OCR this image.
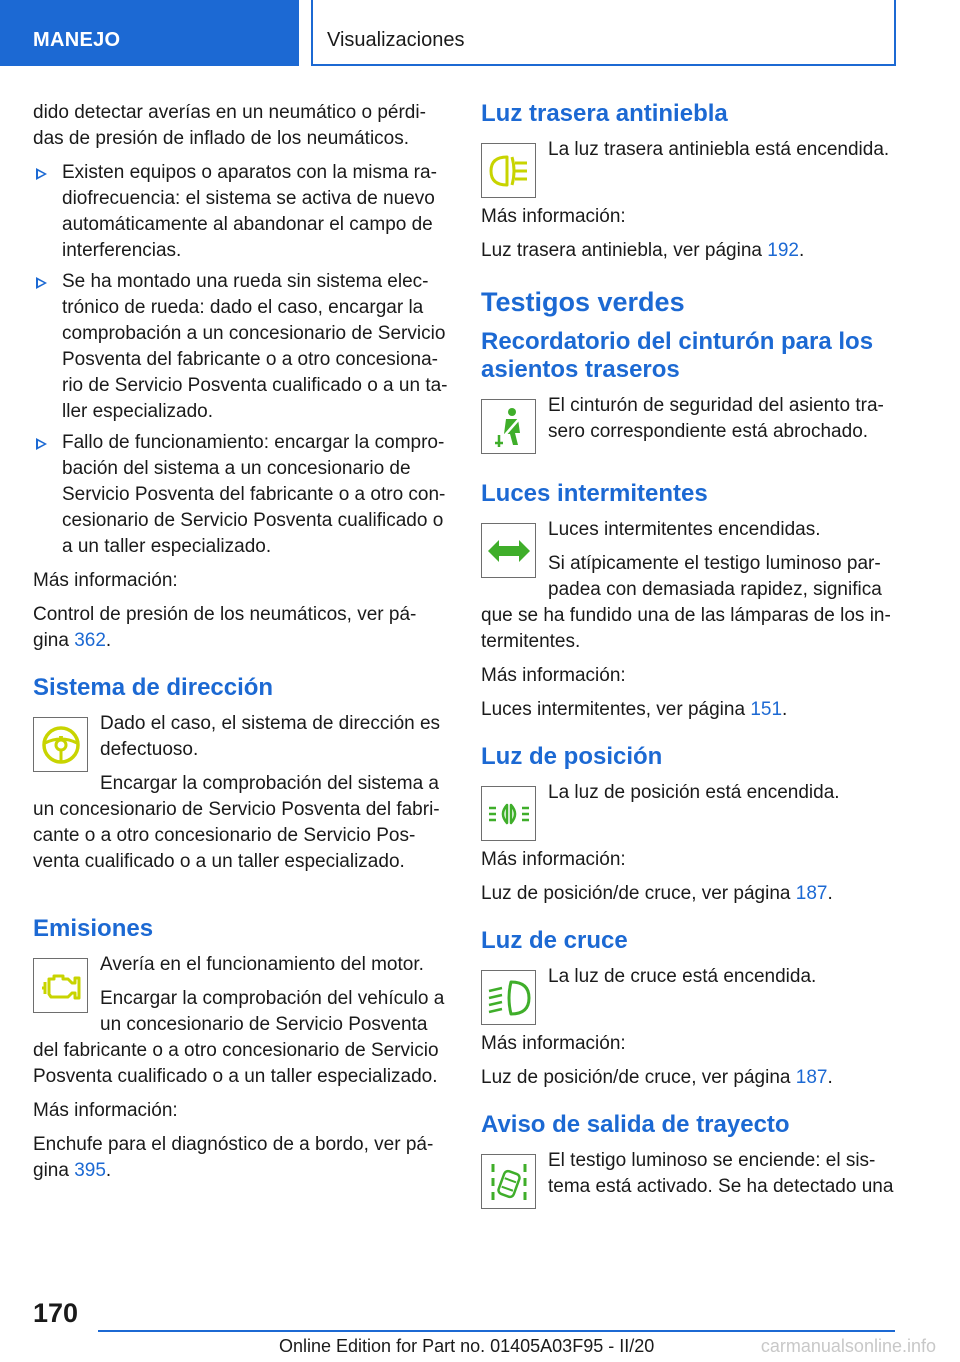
MANEJO	Visualizaciones

dido detectar averías en un neumático o pérdi‐ das de presión de inflado de los neumáticos.

Existen equipos o aparatos con la misma ra‐ diofrecuencia: el sistema se activa de nuevo automáticamente al abandonar el campo de interferencias.
Se ha montado una rueda sin sistema elec‐ trónico de rueda: dado el caso, encargar la comprobación a un concesionario de Servicio Posventa del fabricante o a otro concesiona‐ rio de Servicio Posventa cualificado o a un ta‐ ller especializado.
Fallo de funcionamiento: encargar la compro‐ bación del sistema a un concesionario de Servicio Posventa del fabricante o a otro con‐ cesionario de Servicio Posventa cualificado o a un taller especializado.

Más información:

Control de presión de los neumáticos, ver pá‐ gina 362.

Sistema de dirección

Dado el caso, el sistema de dirección es defectuoso.

Encargar la comprobación del sistema a un concesionario de Servicio Posventa del fabri‐ cante o a otro concesionario de Servicio Pos‐ venta cualificado o a un taller especializado.

Emisiones

Avería en el funcionamiento del motor.

Encargar la comprobación del vehículo a un concesionario de Servicio Posventa del fabricante o a otro concesionario de Servicio Posventa cualificado o a un taller especializado.

Más información:

Enchufe para el diagnóstico de a bordo, ver pá‐ gina 395.

Luz trasera antiniebla

La luz trasera antiniebla está encendida.

Más información:

Luz trasera antiniebla, ver página 192.

Testigos verdes
Recordatorio del cinturón para los asientos traseros

El cinturón de seguridad del asiento tra‐ sero correspondiente está abrochado.

Luces intermitentes

Luces intermitentes encendidas.

Si atípicamente el testigo luminoso par‐ padea con demasiada rapidez, significa que se ha fundido una de las lámparas de los in‐ termitentes.

Más información:

Luces intermitentes, ver página 151.

Luz de posición

La luz de posición está encendida.

Más información:

Luz de posición/de cruce, ver página 187.

Luz de cruce

La luz de cruce está encendida.

Más información:

Luz de posición/de cruce, ver página 187.

Aviso de salida de trayecto

El testigo luminoso se enciende: el sis‐ tema está activado. Se ha detectado una

170
Online Edition for Part no. 01405A03F95 - II/20	carmanualsonline.info
